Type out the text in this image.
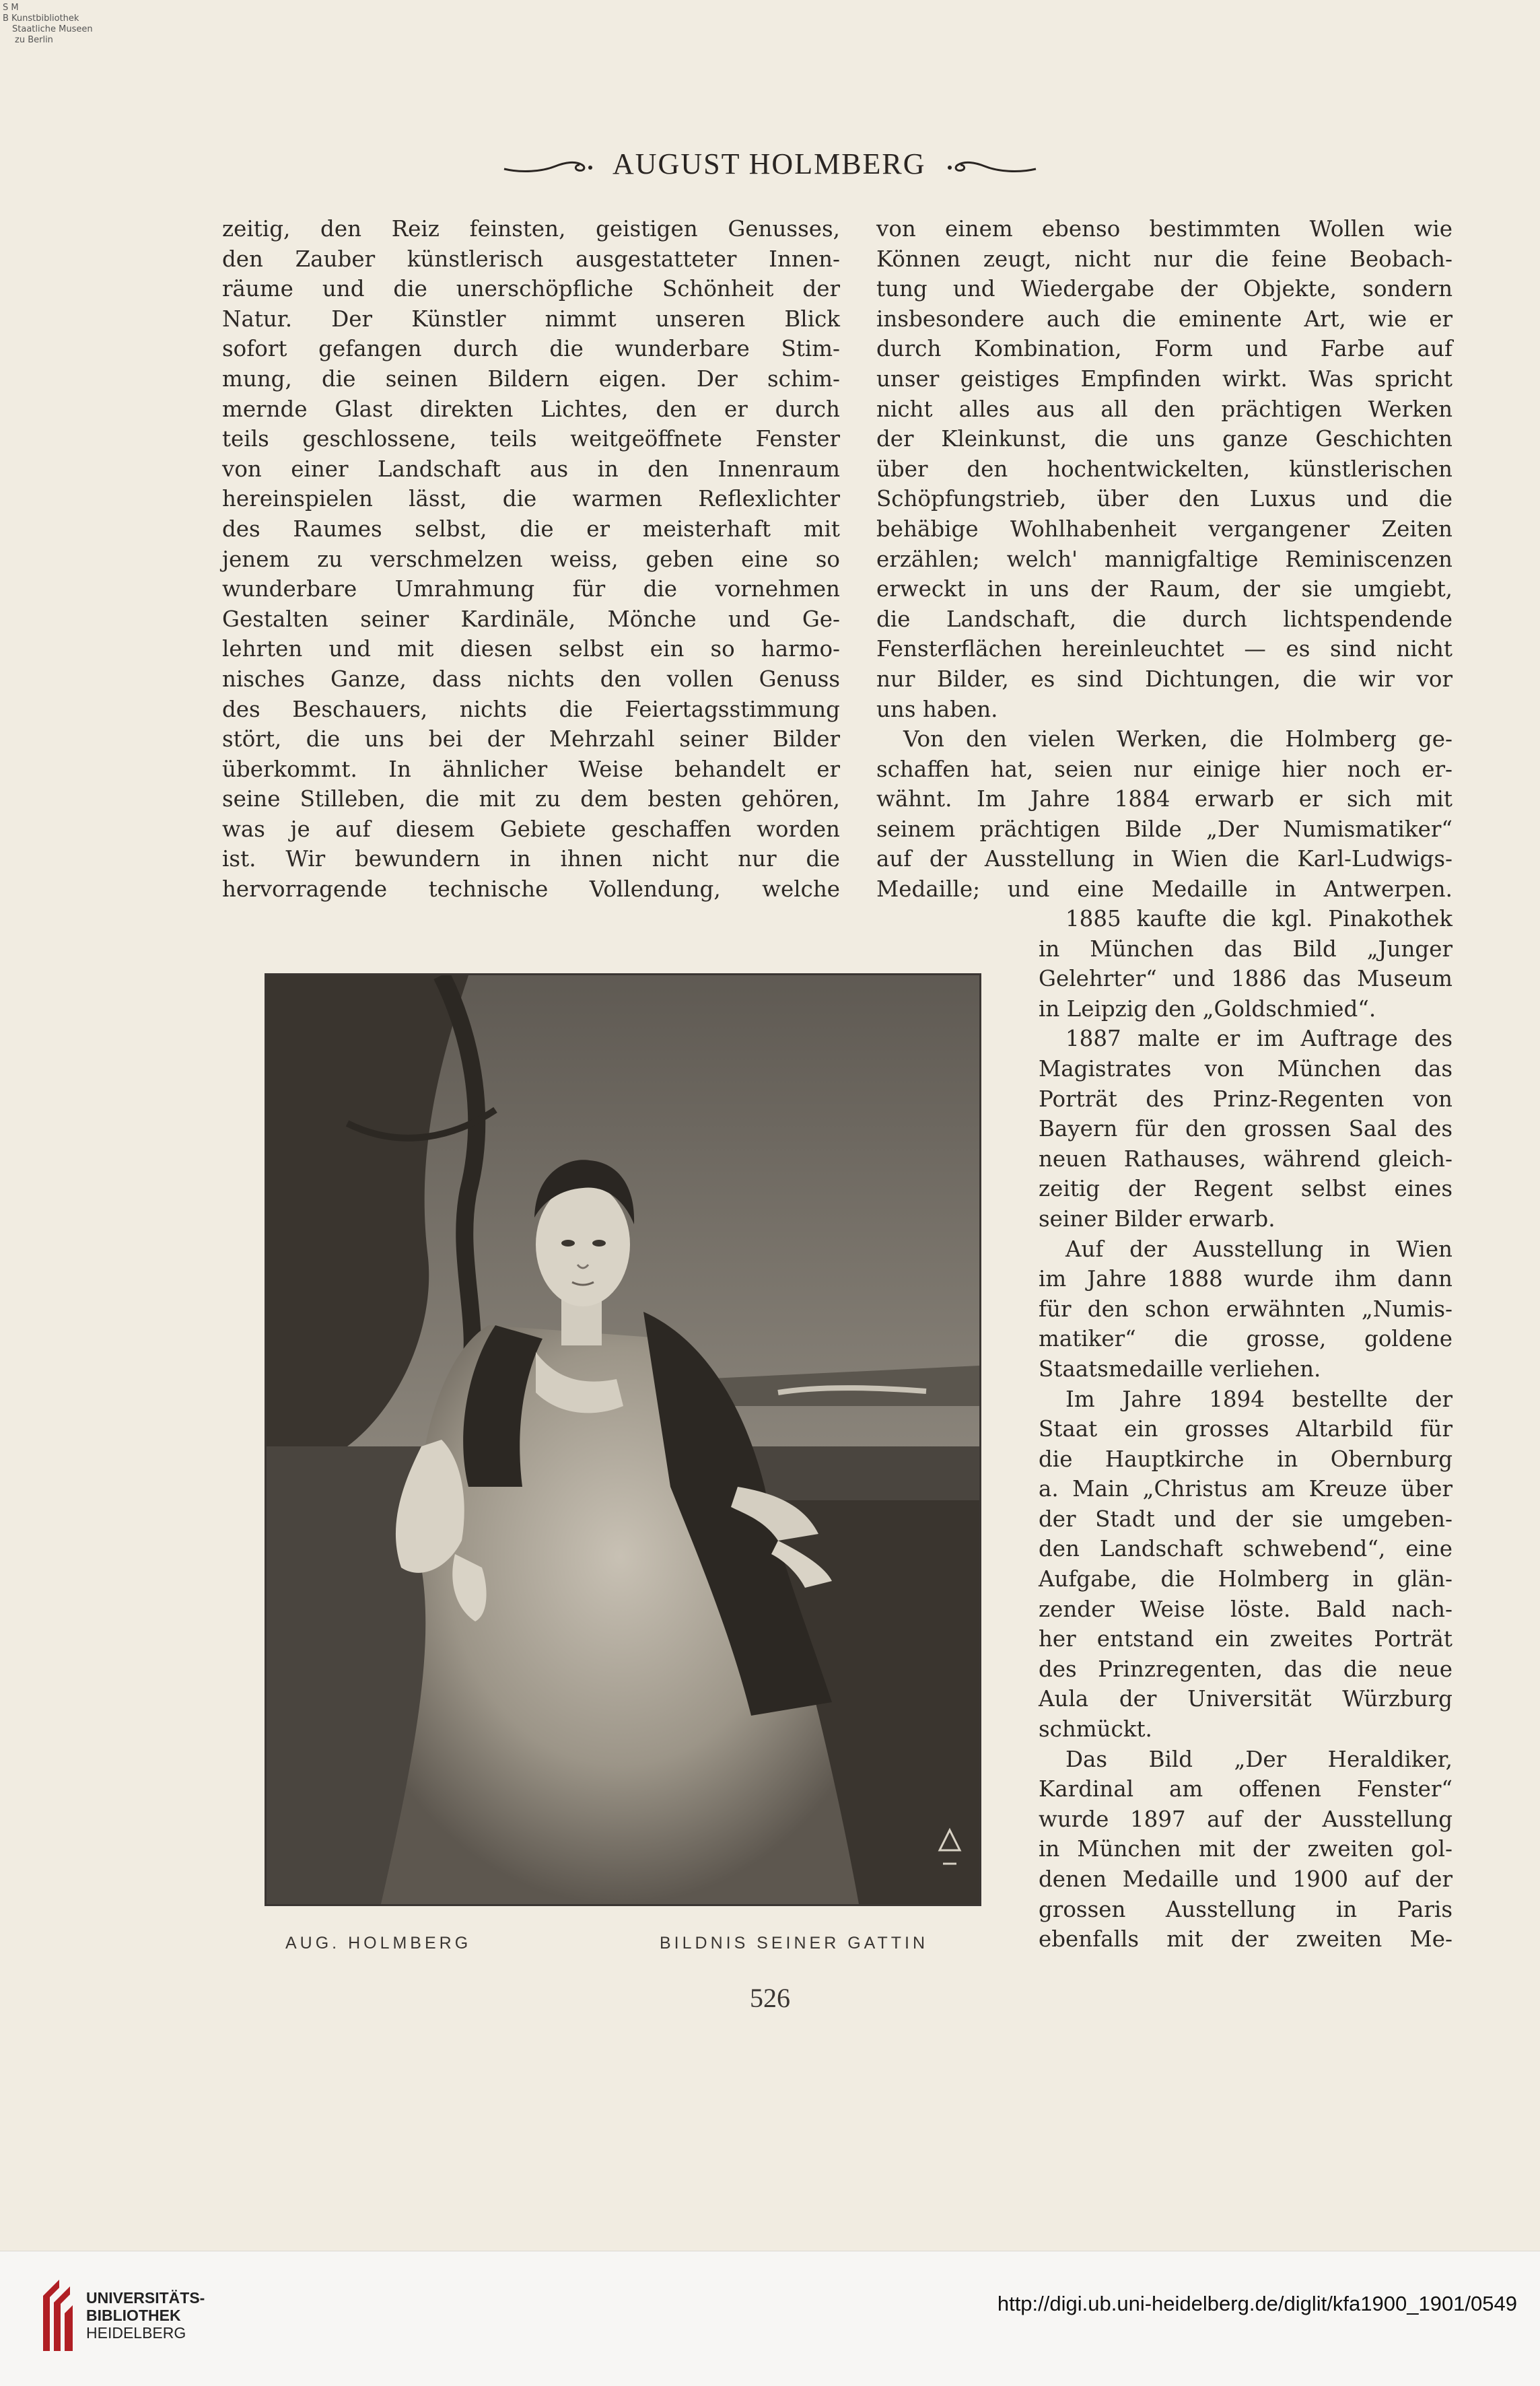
S M
B Kunstbibliothek
Staatliche Museen
zu Berlin
AUGUST HOLMBERG
zeitig, den Reiz feinsten, geistigen Genusses,
den Zauber künstlerisch ausgestatteter Innen-
räume und die unerschöpfliche Schönheit der
Natur. Der Künstler nimmt unseren Blick
sofort gefangen durch die wunderbare Stim-
mung, die seinen Bildern eigen. Der schim-
mernde Glast direkten Lichtes, den er durch
teils geschlossene, teils weitgeöffnete Fenster
von einer Landschaft aus in den Innenraum
hereinspielen lässt, die warmen Reflexlichter
des Raumes selbst, die er meisterhaft mit
jenem zu verschmelzen weiss, geben eine so
wunderbare Umrahmung für die vornehmen
Gestalten seiner Kardinäle, Mönche und Ge-
lehrten und mit diesen selbst ein so harmo-
nisches Ganze, dass nichts den vollen Genuss
des Beschauers, nichts die Feiertagsstimmung
stört, die uns bei der Mehrzahl seiner Bilder
überkommt. In ähnlicher Weise behandelt er
seine Stilleben, die mit zu dem besten gehören,
was je auf diesem Gebiete geschaffen worden
ist. Wir bewundern in ihnen nicht nur die
hervorragende technische Vollendung, welche
von einem ebenso bestimmten Wollen wie
Können zeugt, nicht nur die feine Beobach-
tung und Wiedergabe der Objekte, sondern
insbesondere auch die eminente Art, wie er
durch Kombination, Form und Farbe auf
unser geistiges Empfinden wirkt. Was spricht
nicht alles aus all den prächtigen Werken
der Kleinkunst, die uns ganze Geschichten
über den hochentwickelten, künstlerischen
Schöpfungstrieb, über den Luxus und die
behäbige Wohlhabenheit vergangener Zeiten
erzählen; welch' mannigfaltige Reminiscenzen
erweckt in uns der Raum, der sie umgiebt,
die Landschaft, die durch lichtspendende
Fensterflächen hereinleuchtet — es sind nicht
nur Bilder, es sind Dichtungen, die wir vor
uns haben.
Von den vielen Werken, die Holmberg ge-
schaffen hat, seien nur einige hier noch er-
wähnt. Im Jahre 1884 erwarb er sich mit
seinem prächtigen Bilde „Der Numismatiker“
auf der Ausstellung in Wien die Karl-Ludwigs-
Medaille; und eine Medaille in Antwerpen.
1885 kaufte die kgl. Pinakothek
in München das Bild „Junger
Gelehrter“ und 1886 das Museum
in Leipzig den „Goldschmied“.
1887 malte er im Auftrage des
Magistrates von München das
Porträt des Prinz-Regenten von
Bayern für den grossen Saal des
neuen Rathauses, während gleich-
zeitig der Regent selbst eines
seiner Bilder erwarb.
Auf der Ausstellung in Wien
im Jahre 1888 wurde ihm dann
für den schon erwähnten „Numis-
matiker“ die grosse, goldene
Staatsmedaille verliehen.
Im Jahre 1894 bestellte der
Staat ein grosses Altarbild für
die Hauptkirche in Obernburg
a. Main „Christus am Kreuze über
der Stadt und der sie umgeben-
den Landschaft schwebend“, eine
Aufgabe, die Holmberg in glän-
zender Weise löste. Bald nach-
her entstand ein zweites Porträt
des Prinzregenten, das die neue
Aula der Universität Würzburg
schmückt.
Das Bild „Der Heraldiker,
Kardinal am offenen Fenster“
wurde 1897 auf der Ausstellung
in München mit der zweiten gol-
denen Medaille und 1900 auf der
grossen Ausstellung in Paris
ebenfalls mit der zweiten Me-
AUG. HOLMBERG	BILDNIS SEINER GATTIN
526
UNIVERSITÄTS-
BIBLIOTHEK
HEIDELBERG
http://digi.ub.uni-heidelberg.de/diglit/kfa1900_1901/0549
